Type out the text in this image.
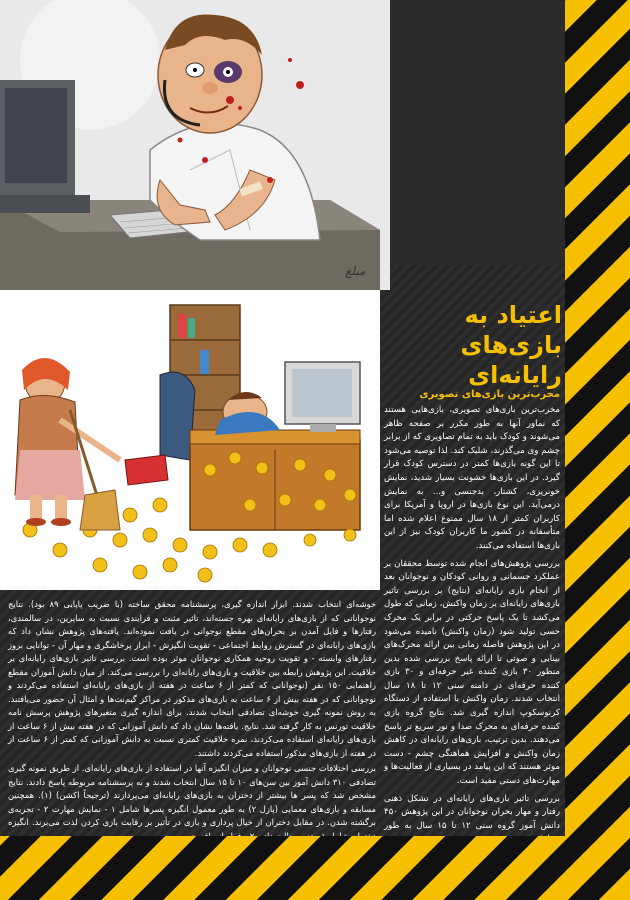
مبلغ
اعتیاد به
بازی‌های رایانه‌ای
مخرب‌ترین بازی‌های تصویری

مخرب‌ترین بازی‌های تصویری، بازی‌هایی هستند که نماور آنها به طور مکرر بر صفحه ظاهر می‌شوند و کودک باید به تمام تصاویری که از برابر چشم وی می‌گذرند، شلیک کند. لذا توصیه می‌شود تا این گونه بازی‌ها کمتر در دسترس کودک قرار گیرد. در این بازی‌ها خشونت بسیار شدید، نمایش خونریزی، کشتار، بدجنسی و... به نمایش درمی‌آید. این نوع بازی‌ها در اروپا و آمریکا برای کاربران کمتر از ۱۸ سال ممنوع اعلام شده اما متأسفانه در کشور ما کاربران کودک نیز از این بازی‌ها استفاده می‌کنند.

بررسی پژوهش‌های انجام شده توسط محققان بر عملکرد جسمانی و روانی کودکان و نوجوانان بعد از انجام بازی رایانه‌ای (نتایج) بر بررسی تاثیر بازی‌های رایانه‌ای بر زمان واکنش، زمانی که طول می‌کشد تا یک پاسخ حرکتی در برابر یک محرک حسی تولید شود (زمان واکنش) نامیده می‌شود در این پژوهش فاصله زمانی بین ارائه محرک‌های بینایی و صوتی تا ارائه پاسخ بررسی شده بدین منظور ۳۰ بازی کننده غیر حرفه‌ای و ۳۰ بازی کننده حرفه‌ای در دامنه سنی ۱۲ تا ۱۸ سال انتخاب شدند. زمان واکنش با استفاده از دستگاه کرنوسکوپ اندازه گیری شد. نتایج گروه بازی کننده حرفه‌ای به محرک صدا و نور سریع تر پاسخ می‌دهند. بدین ترتیب، بازی‌های رایانه‌ای در کاهش زمان واکنش و افزایش هماهنگی چشم - دست موثر هستند که این پیامد در بسیاری از فعالیت‌ها و مهارت‌های دستی مفید است.

بررسی تاثیر بازی‌های رایانه‌ای در تشکل ذهنی رفتار و مهار بحران نوجوانان در این پژوهش ۴۵۰ دانش آموز گروه سنی ۱۲ تا ۱۵ سال به طور

خوشه‌ای انتخاب شدند. ابزار اندازه گیری، پرسشنامه محقق ساخته (با ضریب پایایی ۸۹ بود). نتایج نوجوانانی که از بازی‌های رایانه‌ای بهره جسته‌اند، تاثیر مثبت و فرایندی نسبت به سایرین، در سالمندی، رفتارها و فایل آمدن بر بحران‌های مقطع نوجوانی در یافت نموده‌اند. یافته‌های پژوهش نشان داد که بازی‌های رایانه‌ای در گسترش روابط اجتماعی - تقویت انگیزش - ابراز پرخاشگری و مهار آن - توانایی بروز رفتارهای وابسته - و تقویت روحیه همکاری نوجوانان موثر بوده است. بررسی تاثیر بازی‌های رایانه‌ای بر خلاقیت. این پژوهش رابطه بین خلاقیت و بازی‌های رایانه‌ای را بررسی می‌کند. از میان دانش آموزان مقطع راهنمایی ۱۵۰ نفر (نوجوانانی که کمتر از ۶ ساعت در هفته از بازی‌های رایانه‌ای استفاده می‌کردند و نوجوانانی که در هفته بیش از ۶ ساعت به بازی‌های مذکور در مراکز گیم‌نت‌ها و امثال آن حضور می‌یافتند. به روش نمونه گیری خوشه‌ای تصادفی انتخاب شدند. برای اندازه گیری متغیرهای پژوهش پرسش نامه خلاقیت تورنس به کار گرفته شد. نتایج. یافته‌ها نشان داد که دانش آموزانی که در هفته بیش از ۶ ساعت از بازی‌های رایانه‌ای استفاده می‌کردند، نمره خلاقیت کمتری نسبت به دانش آموزانی که کمتر از ۶ ساعت از در هفته از بازی‌های مذکور استفاده می‌کردند داشتند.

بررسی اختلافات جنسی نوجوانان و میزان انگیزه آنها در استفاده از بازی‌های رایانه‌ای. از طریق نمونه گیری تصادفی ۳۱۰ دانش آموز بین سن‌های ۱۰ تا ۱۵ سال انتخاب شدند و به پرسشنامه مربوطه پاسخ دادند. نتایج مشخص شد که پسر ها بیشتر از دختران به بازی‌های رایانه‌ای می‌پردازند (ترجیحاً اکشن) (۱). همچنین مسابقه و بازی‌های معمایی (پازل ۲) به طور معمول انگیزه پسرها شامل ۱ - نمایش مهارت ۲ - تجربه‌ی برگشته شدن. در مقابل دختران از خیال پردازی و بازی در تأثیر بر رقابت بازی کردن لذت می‌برند. انگیزه
